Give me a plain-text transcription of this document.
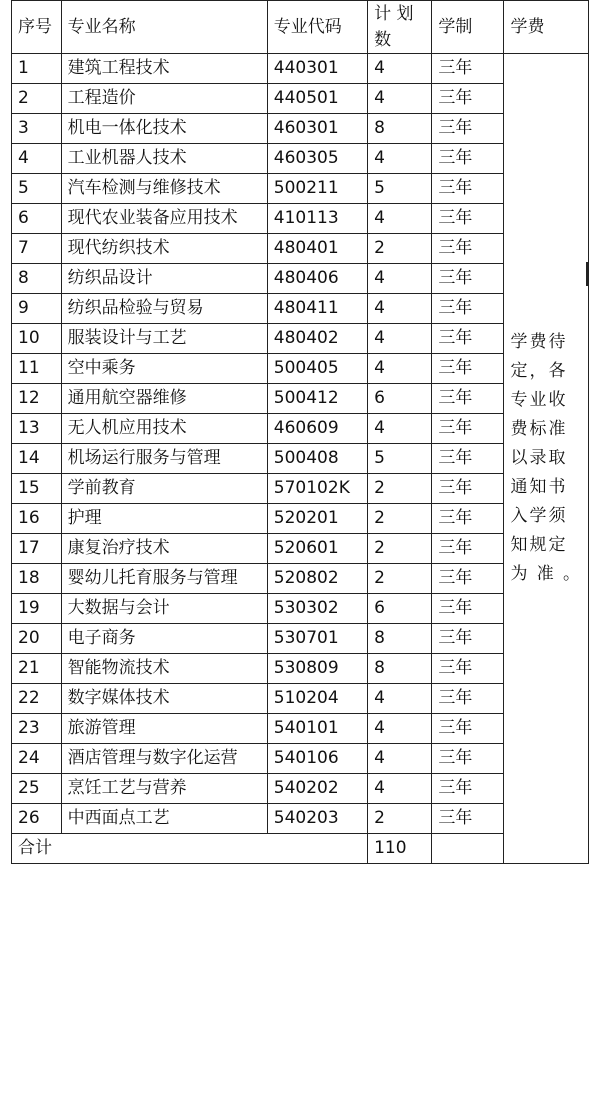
序号	专业名称	专业代码	计 划数	学制	学费
1	建筑工程技术	440301	4	三年	学费待定，各专业收费标准以录取通知书入学须知规定为准。
2	工程造价	440501	4	三年	
3	机电一体化技术	460301	8	三年	
4	工业机器人技术	460305	4	三年	
5	汽车检测与维修技术	500211	5	三年	
6	现代农业装备应用技术	410113	4	三年	
7	现代纺织技术	480401	2	三年	
8	纺织品设计	480406	4	三年	
9	纺织品检验与贸易	480411	4	三年	
10	服装设计与工艺	480402	4	三年	
11	空中乘务	500405	4	三年	
12	通用航空器维修	500412	6	三年	
13	无人机应用技术	460609	4	三年	
14	机场运行服务与管理	500408	5	三年	
15	学前教育	570102K	2	三年	
16	护理	520201	2	三年	
17	康复治疗技术	520601	2	三年	
18	婴幼儿托育服务与管理	520802	2	三年	
19	大数据与会计	530302	6	三年	
20	电子商务	530701	8	三年	
21	智能物流技术	530809	8	三年	
22	数字媒体技术	510204	4	三年	
23	旅游管理	540101	4	三年	
24	酒店管理与数字化运营	540106	4	三年	
25	烹饪工艺与营养	540202	4	三年	
26	中西面点工艺	540203	2	三年	
合计			110		
